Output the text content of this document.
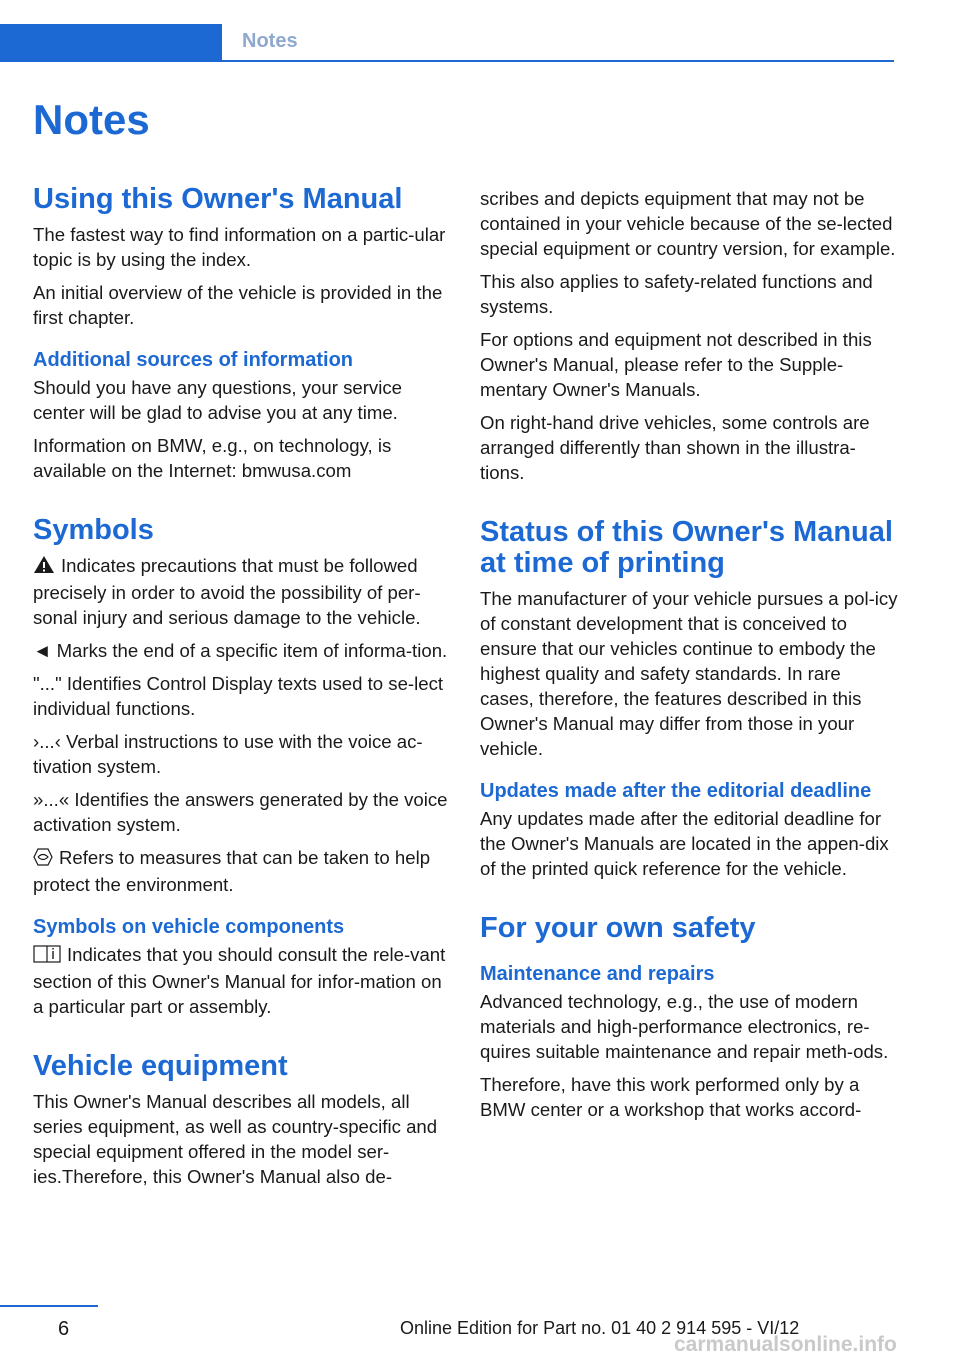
Notes
Notes
Using this Owner's Manual

The fastest way to find information on a partic‐ular topic is by using the index.

An initial overview of the vehicle is provided in the first chapter.

Additional sources of information

Should you have any questions, your service center will be glad to advise you at any time.

Information on BMW, e.g., on technology, is available on the Internet: bmwusa.com

Symbols

Indicates precautions that must be followed precisely in order to avoid the possibility of per‐sonal injury and serious damage to the vehicle.

◄ Marks the end of a specific item of informa‐tion.

"..." Identifies Control Display texts used to se‐lect individual functions.

›...‹ Verbal instructions to use with the voice ac‐tivation system.

»...« Identifies the answers generated by the voice activation system.

Refers to measures that can be taken to help protect the environment.

Symbols on vehicle components

Indicates that you should consult the rele‐vant section of this Owner's Manual for infor‐mation on a particular part or assembly.

Vehicle equipment

This Owner's Manual describes all models, all series equipment, as well as country-specific and special equipment offered in the model ser‐ies.Therefore, this Owner's Manual also de‐

scribes and depicts equipment that may not be contained in your vehicle because of the se‐lected special equipment or country version, for example.

This also applies to safety-related functions and systems.

For options and equipment not described in this Owner's Manual, please refer to the Supple‐mentary Owner's Manuals.

On right-hand drive vehicles, some controls are arranged differently than shown in the illustra‐tions.

Status of this Owner's Manual at time of printing

The manufacturer of your vehicle pursues a pol‐icy of constant development that is conceived to ensure that our vehicles continue to embody the highest quality and safety standards. In rare cases, therefore, the features described in this Owner's Manual may differ from those in your vehicle.

Updates made after the editorial deadline

Any updates made after the editorial deadline for the Owner's Manuals are located in the appen‐dix of the printed quick reference for the vehicle.

For your own safety
Maintenance and repairs

Advanced technology, e.g., the use of modern materials and high-performance electronics, re‐quires suitable maintenance and repair meth‐ods.

Therefore, have this work performed only by a BMW center or a workshop that works accord‐

6	Online Edition for Part no. 01 40 2 914 595 - VI/12
carmanualsonline.info
